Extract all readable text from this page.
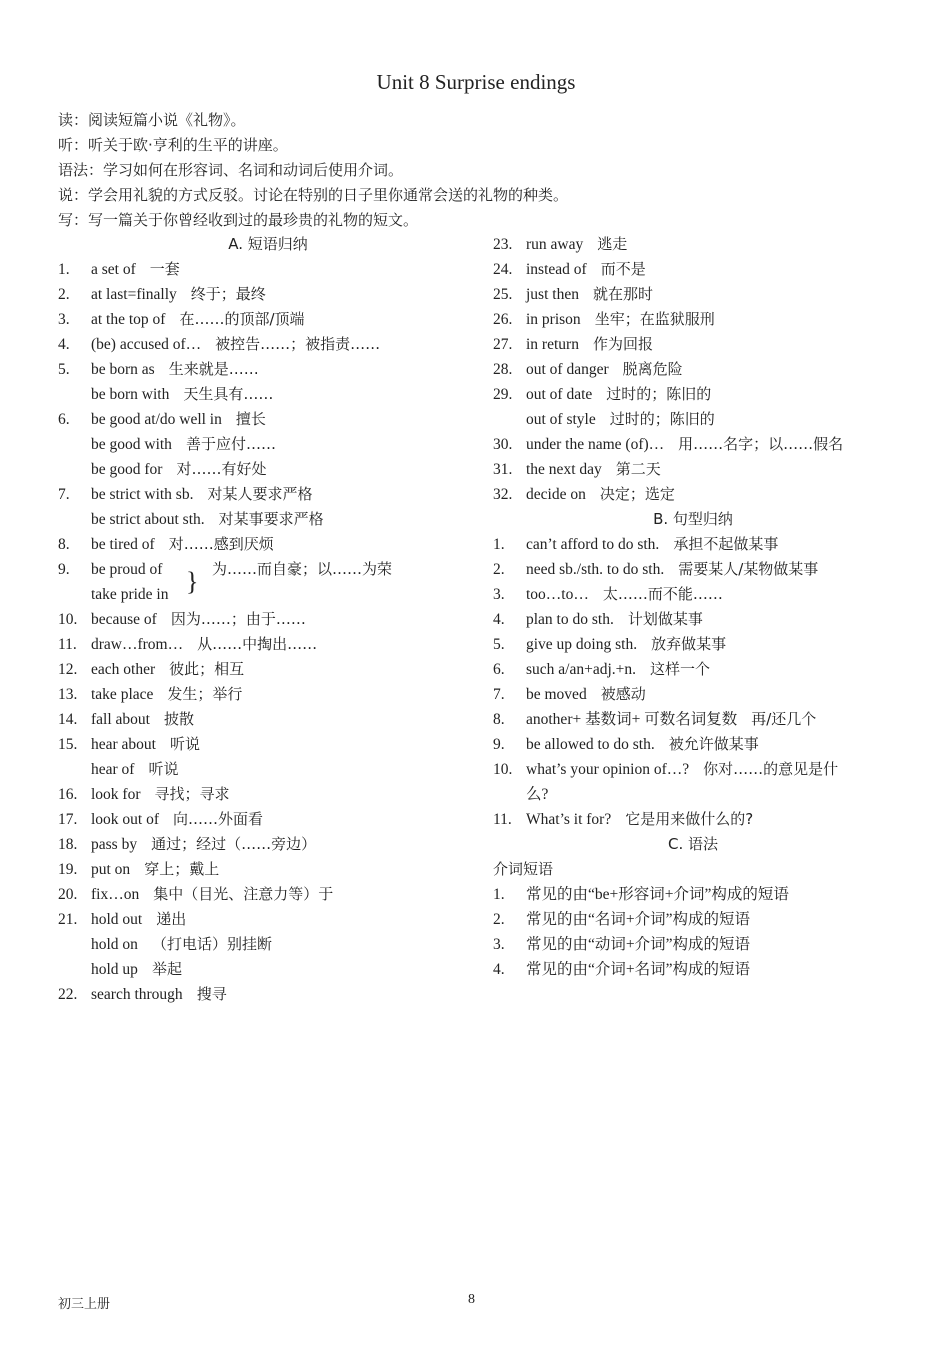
Unit 8 Surprise endings
读：阅读短篇小说《礼物》。
听：听关于欧·亨利的生平的讲座。
语法：学习如何在形容词、名词和动词后使用介词。
说：学会用礼貌的方式反驳。讨论在特别的日子里你通常会送的礼物的种类。
写：写一篇关于你曾经收到过的最珍贵的礼物的短文。
A. 短语归纳
1. a set of 一套
2. at last=finally 终于；最终
3. at the top of 在……的顶部/顶端
4. (be) accused of… 被控告……；被指责……
5. be born as 生来就是……
be born with 天生具有……
6. be good at/do well in 擅长
be good with 善于应付……
be good for 对……有好处
7. be strict with sb. 对某人要求严格
be strict about sth. 对某事要求严格
8. be tired of 对……感到厌烦
9. be proud of } 为……而自豪；以……为荣
take pride in
10. because of 因为……；由于……
11. draw…from… 从……中掏出……
12. each other 彼此；相互
13. take place 发生；举行
14. fall about 披散
15. hear about 听说
hear of 听说
16. look for 寻找；寻求
17. look out of 向……外面看
18. pass by 通过；经过（……旁边）
19. put on 穿上；戴上
20. fix…on 集中（目光、注意力等）于
21. hold out 递出
hold on （打电话）别挂断
hold up 举起
22. search through 搜寻
23. run away 逃走
24. instead of 而不是
25. just then 就在那时
26. in prison 坐牢；在监狱服刑
27. in return 作为回报
28. out of danger 脱离危险
29. out of date 过时的；陈旧的
out of style 过时的；陈旧的
30. under the name (of)… 用……名字；以……假名
31. the next day 第二天
32. decide on 决定；选定
B. 句型归纳
1. can’t afford to do sth. 承担不起做某事
2. need sb./sth. to do sth. 需要某人/某物做某事
3. too…to… 太……而不能……
4. plan to do sth. 计划做某事
5. give up doing sth. 放弃做某事
6. such a/an+adj.+n. 这样一个
7. be moved 被感动
8. another+ 基数词+ 可数名词复数 再/还几个
9. be allowed to do sth. 被允许做某事
10. what’s your opinion of…? 你对……的意见是什
么?
11. What’s it for? 它是用来做什么的?
C. 语法
介词短语
1. 常见的由“be+形容词+介词”构成的短语
2. 常见的由“名词+介词”构成的短语
3. 常见的由“动词+介词”构成的短语
4. 常见的由“介词+名词”构成的短语
初三上册	8
